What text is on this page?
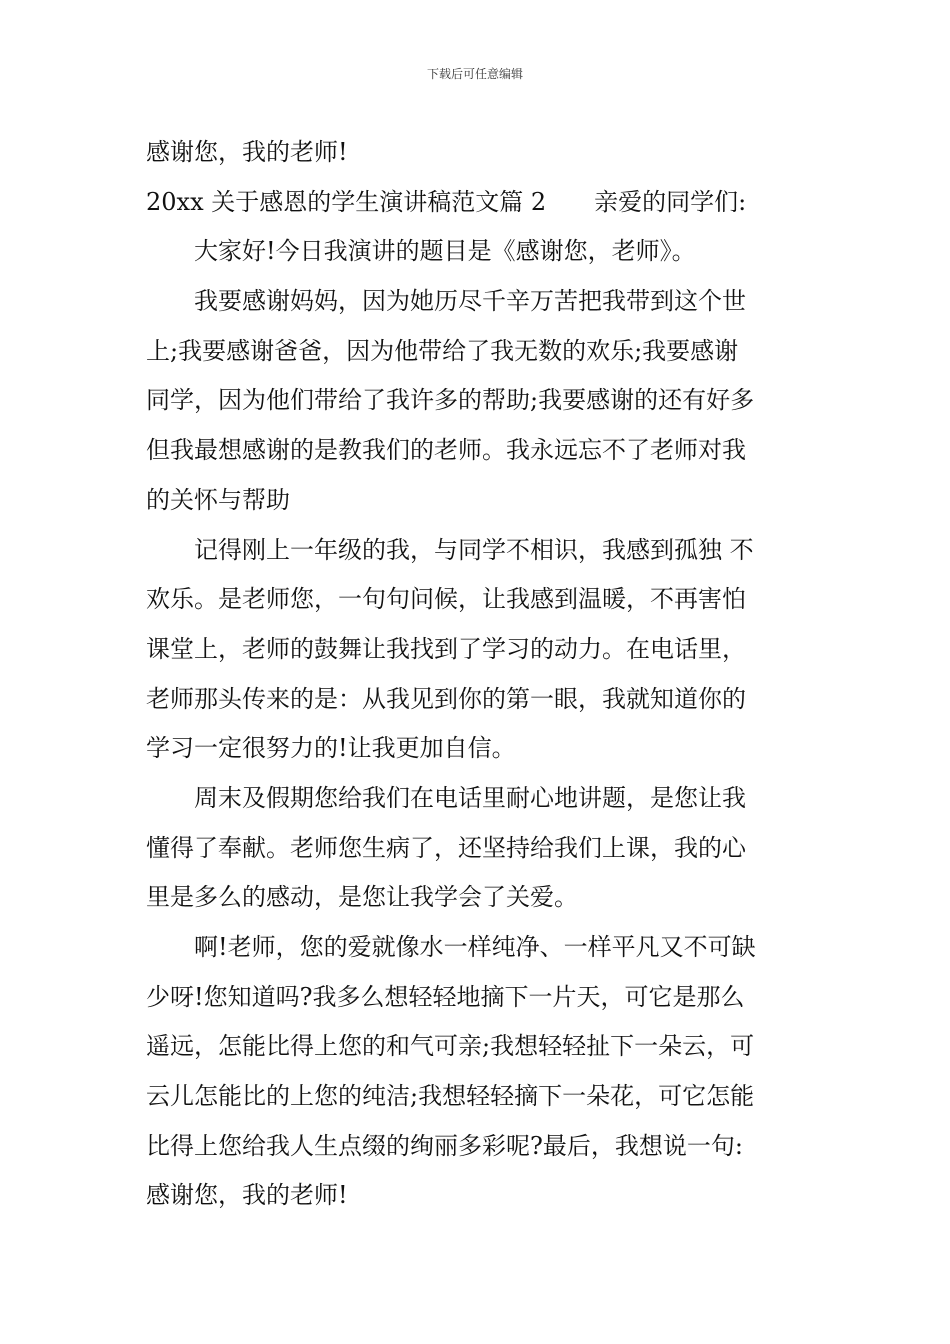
下载后可任意编辑
感谢您，我的老师!
20xx 关于感恩的学生演讲稿范文篇 2　　亲爱的同学们:
　　大家好!今日我演讲的题目是《感谢您，老师》。
　　我要感谢妈妈，因为她历尽千辛万苦把我带到这个世
上;我要感谢爸爸，因为他带给了我无数的欢乐;我要感谢
同学，因为他们带给了我许多的帮助;我要感谢的还有好多
但我最想感谢的是教我们的老师。我永远忘不了老师对我
的关怀与帮助
　　记得刚上一年级的我，与同学不相识，我感到孤独 不
欢乐。是老师您，一句句问候，让我感到温暖，不再害怕
课堂上，老师的鼓舞让我找到了学习的动力。在电话里，
老师那头传来的是：从我见到你的第一眼，我就知道你的
学习一定很努力的!让我更加自信。
　　周末及假期您给我们在电话里耐心地讲题，是您让我
懂得了奉献。老师您生病了，还坚持给我们上课，我的心
里是多么的感动，是您让我学会了关爱。
　　啊!老师，您的爱就像水一样纯净、一样平凡又不可缺
少呀!您知道吗?我多么想轻轻地摘下一片天，可它是那么
遥远，怎能比得上您的和气可亲;我想轻轻扯下一朵云，可
云儿怎能比的上您的纯洁;我想轻轻摘下一朵花，可它怎能
比得上您给我人生点缀的绚丽多彩呢?最后，我想说一句:
感谢您，我的老师!
